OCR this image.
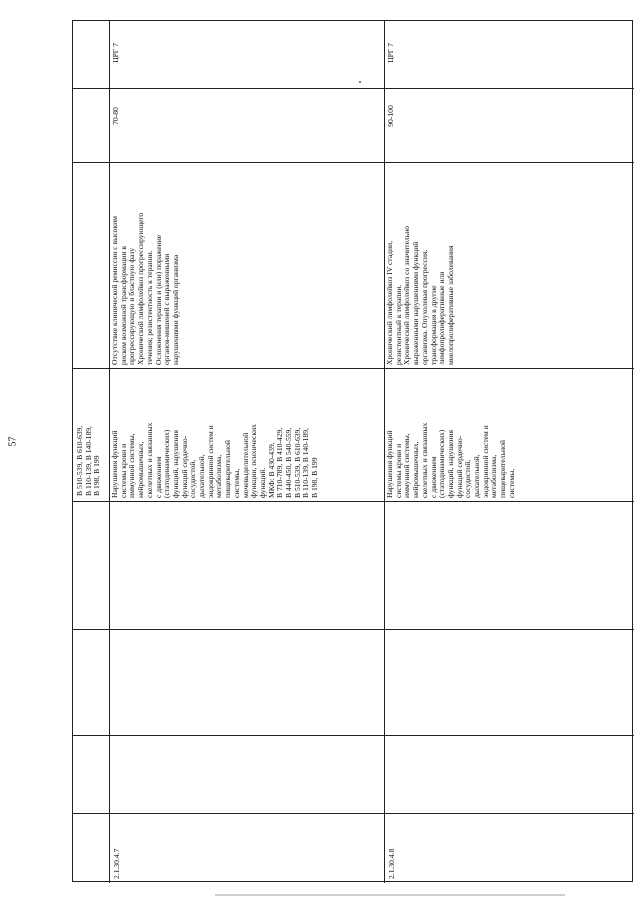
57
В 510-539, В 610-639,
В 110-139, В 140-189,
В 198, В 199
ЦРГ 7
70-80
Отсутствие клинической ремиссии с высоким
риском возможной трансформации в
прогрессирующую и бластную фазу
Хронический лимфолейкоз прогрессирующего
течения; резистентность к терапии.
Осложнения терапии и (или) поражение
органов-мишеней с выраженными
нарушениями функций организма
Нарушения функций
системы крови и
иммунной системы,
нейромышечных,
скелетных и связанных
с движением
(статодинамических)
функций, нарушения
функций сердечно-
сосудистой,
дыхательной,
эндокринной систем и
метаболизма,
пищеварительной
системы,
мочевыделительной
функции, психических
функций.
МКФ: В 430-439,
В 710-789, В 410-429,
В 440-450, В 540-559,
В 510-539, В 610-639,
В 110-139, В 140-189,
В 198, В 199
2.1.30.4.7
ЦРГ 7
90-100
Хронический лимфолейкоз IV стадии,
резистентный к терапии.
Хронический лимфолейкоз со значительно
выраженными нарушениями функций
организма. Опухолевая прогрессия,
трансформация в другие
лимфопролиферативные или
миелопролиферативные заболевания
Нарушения функций
системы крови и
иммунной системы,
нейромышечных,
скелетных и связанных
с движением
(статодинамических)
функций, нарушения
функций сердечно-
сосудистой,
дыхательной,
эндокринной систем и
метаболизма,
пищеварительной
системы,
2.1.30.4.8
